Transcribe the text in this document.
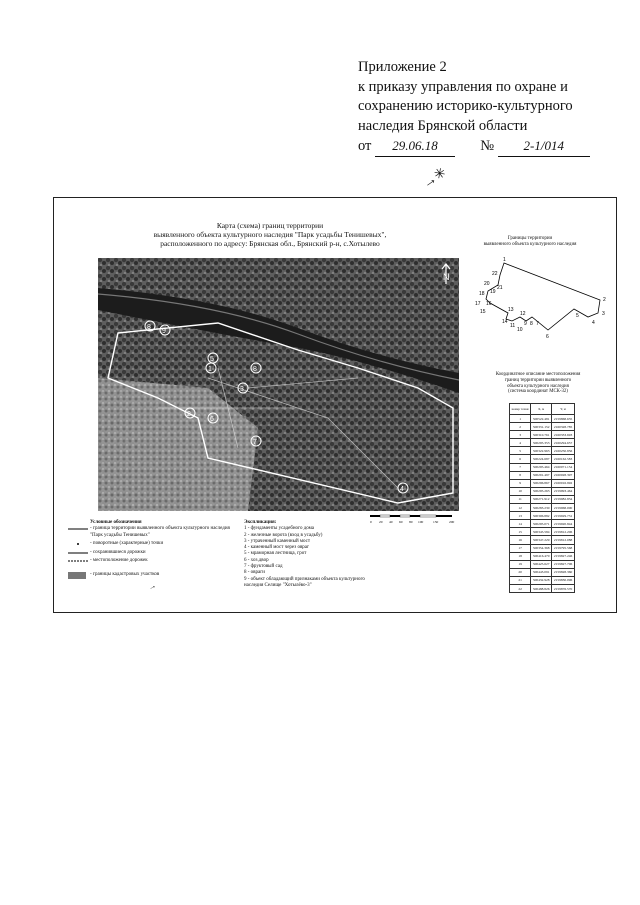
Приложение 2
к приказу управления по охране и
сохранению историко-культурного
наследия Брянской области
от 29.06.18	№ 2-1/014
→✳
Карта (схема) границ территории
выявленного объекта культурного наследия "Парк усадьбы Тенишевых",
расположенного по адресу: Брянская обл., Брянский р-н, с.Хотылево
N
1
2
3
4
5
6
7
8
8
9
0 20 40 60 80 100	150	200
Условные обозначения
- граница территории выявленного объекта культурного наследия "Парк усадьбы Тенишевых"
- поворотные (характерные) точки
- сохранившиеся дорожки
- местоположение дорожек
- границы кадастровых участков
Экспликация:
1 - фундаменты усадебного дома
2 - железные ворота (вход в усадьбу)
3 - утраченный каменный мост
4 - каменный мост через овраг
5 - мраморная лестница, грот
6 - хоз.двор
7 - фруктовый сад
8 - овраги
9 - объект обладающий признаками объекта культурного наследия Селище "Хотылёво-3"
→
Границы территории
выявленного объекта культурного наследия
1
2
3
4
5
6
7
8
9
10
11
12
13
14
15
16
17
18 19
20
21
22
Координатное описание местоположения
границ территории выявленного
объекта культурного наследия
(система координат МСК-32)
номер точки	X, м	Y, м
1	500522.481	2159868.635
2	500331.152	2160328.785
3	500310.761	2160333.693
4	500295.353	2160294.657
5	500322.963	2160250.856
6	500224.687	2160162.583
7	500295.464	2160071.154
8	500291.497	2160028.397
9	500296.867	2160016.992
10	500295.263	2159993.464
11	500271.912	2159982.834
12	500283.230	2159968.000
13	500306.882	2159929.731
14	500295.071	2159920.844
15	500345.584	2159812.206
16	500347.229	2159812.088
17	500354.368	2159795.568
18	500416.470	2159827.246
19	500425.627	2159827.706
20	500443.091	2159828.360
21	500432.928	2159830.096
22	500488.826	2159876.570
